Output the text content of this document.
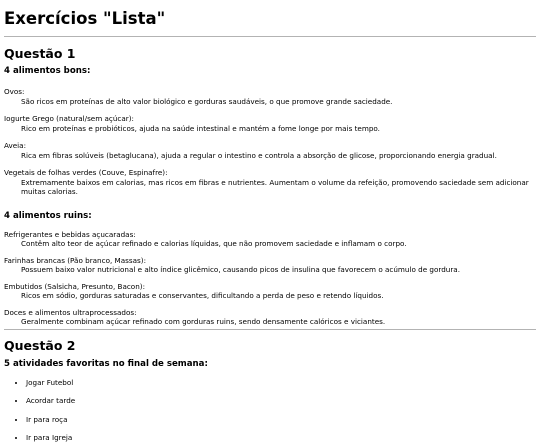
Exercícios "Lista"
Questão 1
4 alimentos bons:
Ovos:
São ricos em proteínas de alto valor biológico e gorduras saudáveis, o que promove grande saciedade.
Iogurte Grego (natural/sem açúcar):
Rico em proteínas e probióticos, ajuda na saúde intestinal e mantém a fome longe por mais tempo.
Aveia:
Rica em fibras solúveis (betaglucana), ajuda a regular o intestino e controla a absorção de glicose, proporcionando energia gradual.
Vegetais de folhas verdes (Couve, Espinafre):
Extremamente baixos em calorias, mas ricos em fibras e nutrientes. Aumentam o volume da refeição, promovendo saciedade sem adicionar muitas calorias.
4 alimentos ruins:
Refrigerantes e bebidas açucaradas:
Contêm alto teor de açúcar refinado e calorias líquidas, que não promovem saciedade e inflamam o corpo.
Farinhas brancas (Pão branco, Massas):
Possuem baixo valor nutricional e alto índice glicêmico, causando picos de insulina que favorecem o acúmulo de gordura.
Embutidos (Salsicha, Presunto, Bacon):
Ricos em sódio, gorduras saturadas e conservantes, dificultando a perda de peso e retendo líquidos.
Doces e alimentos ultraprocessados:
Geralmente combinam açúcar refinado com gorduras ruins, sendo densamente calóricos e viciantes.
Questão 2
5 atividades favoritas no final de semana:
• Jogar Futebol
• Acordar tarde
• Ir para roça
• Ir para Igreja
